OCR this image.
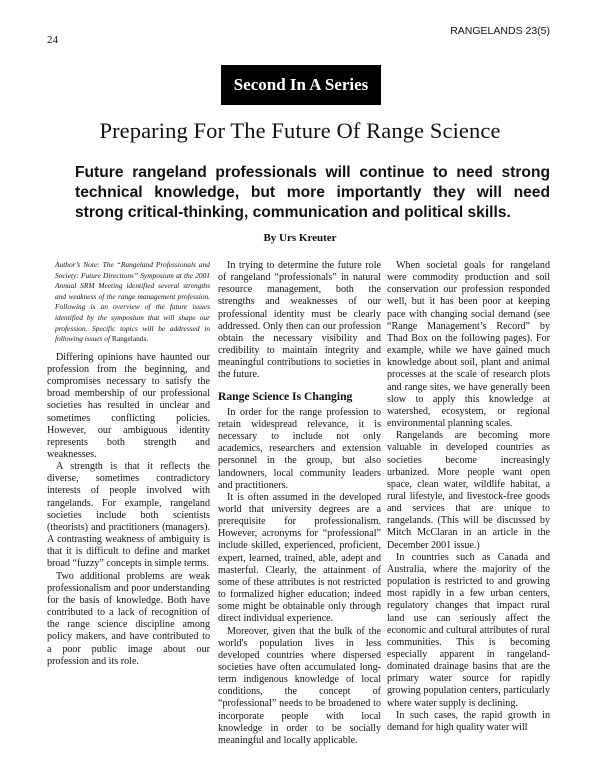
24
RANGELANDS 23(5)
Second In A Series
Preparing For The Future Of Range Science
Future rangeland professionals will continue to need strong technical knowledge, but more importantly they will need strong critical-thinking, communication and political skills.
By Urs Kreuter
Author’s Note: The “Rangeland Professionals and Society: Future Directions” Symposium at the 2001 Annual SRM Meeting identified several strengths and weakness of the range management profession. Following is an overview of the future issues identified by the symposium that will shape our profession. Specific topics will be addressed in following issues of Rangelands.

Differing opinions have haunted our profession from the beginning, and compromises necessary to satisfy the broad membership of our professional societies has resulted in unclear and sometimes conflicting policies. However, our ambiguous identity represents both strength and weaknesses.

A strength is that it reflects the diverse, sometimes contradictory interests of people involved with rangelands. For example, rangeland societies include both scientists (theorists) and practitioners (managers). A contrasting weakness of ambiguity is that it is difficult to define and market broad “fuzzy” concepts in simple terms.

Two additional problems are weak professionalism and poor understanding for the basis of knowledge. Both have contributed to a lack of recognition of the range science discipline among policy makers, and have contributed to a poor public image about our profession and its role.

In trying to determine the future role of rangeland “professionals” in natural resource management, both the strengths and weaknesses of our professional identity must be clearly addressed. Only then can our profession obtain the necessary visibility and credibility to maintain integrity and meaningful contributions to societies in the future.

Range Science Is Changing

In order for the range profession to retain widespread relevance, it is necessary to include not only academics, researchers and extension personnel in the group, but also landowners, local community leaders and practitioners.

It is often assumed in the developed world that university degrees are a prerequisite for professionalism. However, acronyms for “professional” include skilled, experienced, proficient, expert, learned, trained, able, adept and masterful. Clearly, the attainment of some of these attributes is not restricted to formalized higher education; indeed some might be obtainable only through direct individual experience.

Moreover, given that the bulk of the world's population lives in less developed countries where dispersed societies have often accumulated long-term indigenous knowledge of local conditions, the concept of “professional” needs to be broadened to incorporate people with local knowledge in order to be socially meaningful and locally applicable.

When societal goals for rangeland were commodity production and soil conservation our profession responded well, but it has been poor at keeping pace with changing social demand (see “Range Management’s Record” by Thad Box on the following pages). For example, while we have gained much knowledge about soil, plant and animal processes at the scale of research plots and range sites, we have generally been slow to apply this knowledge at watershed, ecosystem, or regional environmental planning scales.

Rangelands are becoming more valuable in developed countries as societies become increasingly urbanized. More people want open space, clean water, wildlife habitat, a rural lifestyle, and livestock-free goods and services that are unique to rangelands. (This will be discussed by Mitch McClaran in an article in the December 2001 issue.)

In countries such as Canada and Australia, where the majority of the population is restricted to and growing most rapidly in a few urban centers, regulatory changes that impact rural land use can seriously affect the economic and cultural attributes of rural communities. This is becoming especially apparent in rangeland-dominated drainage basins that are the primary water source for rapidly growing population centers, particularly where water supply is declining.

In such cases, the rapid growth in demand for high quality water will
